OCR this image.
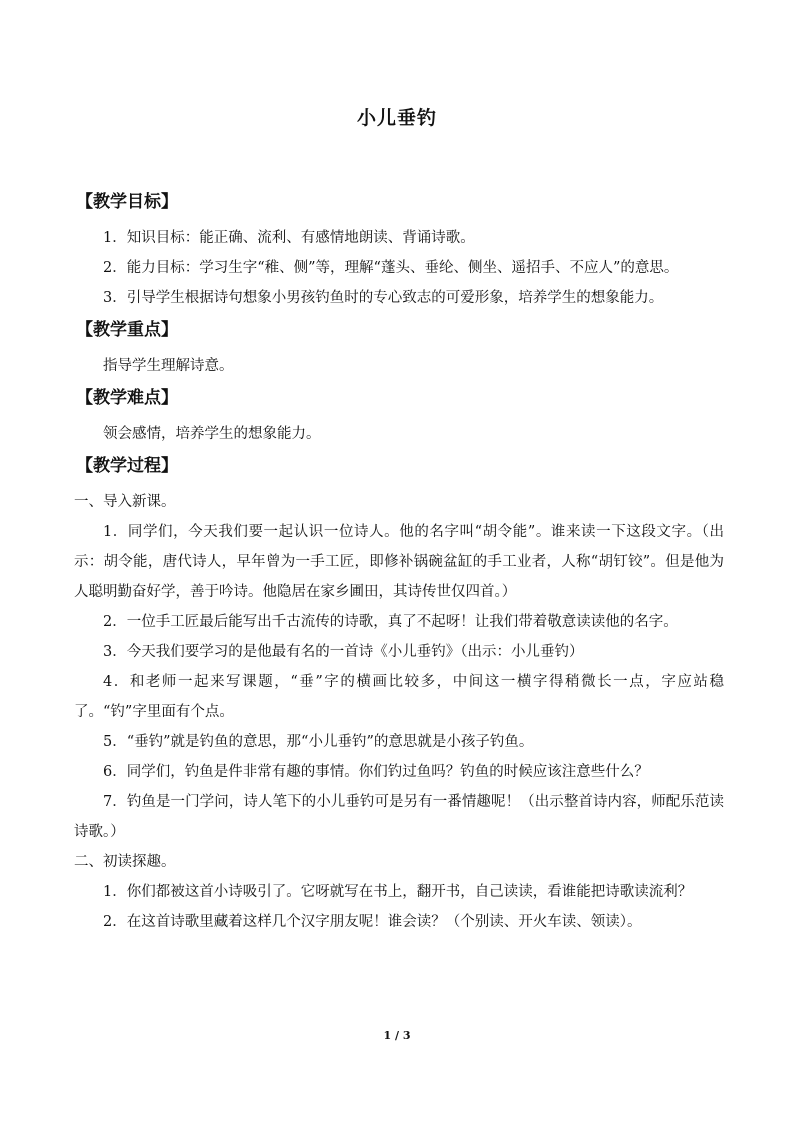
小儿垂钓
【教学目标】

1．知识目标：能正确、流利、有感情地朗读、背诵诗歌。

2．能力目标：学习生字“稚、侧”等，理解“蓬头、垂纶、侧坐、遥招手、不应人”的意思。

3．引导学生根据诗句想象小男孩钓鱼时的专心致志的可爱形象，培养学生的想象能力。

【教学重点】

指导学生理解诗意。

【教学难点】

领会感情，培养学生的想象能力。

【教学过程】

一、导入新课。

1．同学们，今天我们要一起认识一位诗人。他的名字叫“胡令能”。谁来读一下这段文字。（出示：胡令能，唐代诗人，早年曾为一手工匠，即修补锅碗盆缸的手工业者，人称“胡钉铰”。但是他为人聪明勤奋好学，善于吟诗。他隐居在家乡圃田，其诗传世仅四首。）

2．一位手工匠最后能写出千古流传的诗歌，真了不起呀！让我们带着敬意读读他的名字。

3．今天我们要学习的是他最有名的一首诗《小儿垂钓》（出示：小儿垂钓）

4．和老师一起来写课题，“垂”字的横画比较多，中间这一横字得稍微长一点，字应站稳了。“钓”字里面有个点。

5．“垂钓”就是钓鱼的意思，那“小儿垂钓”的意思就是小孩子钓鱼。

6．同学们，钓鱼是件非常有趣的事情。你们钓过鱼吗？钓鱼的时候应该注意些什么？

7．钓鱼是一门学问，诗人笔下的小儿垂钓可是另有一番情趣呢！（出示整首诗内容，师配乐范读诗歌。）

二、初读探趣。

1．你们都被这首小诗吸引了。它呀就写在书上，翻开书，自己读读，看谁能把诗歌读流利？

2．在这首诗歌里藏着这样几个汉字朋友呢！谁会读？（个别读、开火车读、领读）。

1 / 3
